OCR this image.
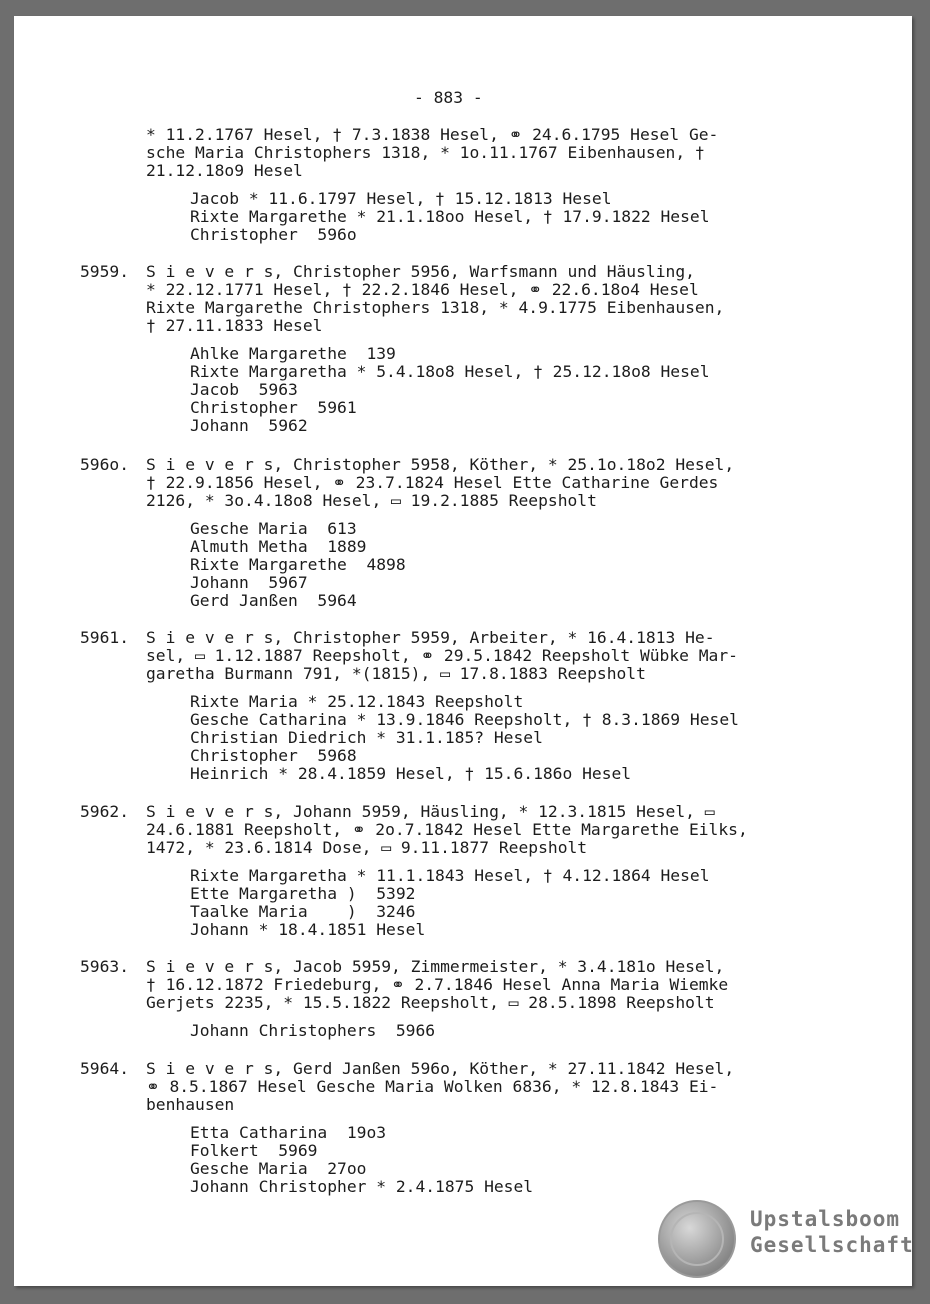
- 883 -
* 11.2.1767 Hesel, † 7.3.1838 Hesel, ⚭ 24.6.1795 Hesel Ge-
sche Maria Christophers 1318, * 1o.11.1767 Eibenhausen, †
21.12.18o9 Hesel
Jacob * 11.6.1797 Hesel, † 15.12.1813 Hesel
Rixte Margarethe * 21.1.18oo Hesel, † 17.9.1822 Hesel
Christopher  596o
5959. S i e v e r s, Christopher 5956, Warfsmann und Häusling,
* 22.12.1771 Hesel, † 22.2.1846 Hesel, ⚭ 22.6.18o4 Hesel
Rixte Margarethe Christophers 1318, * 4.9.1775 Eibenhausen,
† 27.11.1833 Hesel
Ahlke Margarethe  139
Rixte Margaretha * 5.4.18o8 Hesel, † 25.12.18o8 Hesel
Jacob  5963
Christopher  5961
Johann  5962
596o. S i e v e r s, Christopher 5958, Köther, * 25.1o.18o2 Hesel,
† 22.9.1856 Hesel, ⚭ 23.7.1824 Hesel Ette Catharine Gerdes
2126, * 3o.4.18o8 Hesel, ▭ 19.2.1885 Reepsholt
Gesche Maria  613
Almuth Metha  1889
Rixte Margarethe  4898
Johann  5967
Gerd Janßen  5964
5961. S i e v e r s, Christopher 5959, Arbeiter, * 16.4.1813 He-
sel, ▭ 1.12.1887 Reepsholt, ⚭ 29.5.1842 Reepsholt Wübke Mar-
garetha Burmann 791, *(1815), ▭ 17.8.1883 Reepsholt
Rixte Maria * 25.12.1843 Reepsholt
Gesche Catharina * 13.9.1846 Reepsholt, † 8.3.1869 Hesel
Christian Diedrich * 31.1.185? Hesel
Christopher  5968
Heinrich * 28.4.1859 Hesel, † 15.6.186o Hesel
5962. S i e v e r s, Johann 5959, Häusling, * 12.3.1815 Hesel, ▭
24.6.1881 Reepsholt, ⚭ 2o.7.1842 Hesel Ette Margarethe Eilks,
1472, * 23.6.1814 Dose, ▭ 9.11.1877 Reepsholt
Rixte Margaretha * 11.1.1843 Hesel, † 4.12.1864 Hesel
Ette Margaretha )  5392
Taalke Maria    )  3246
Johann * 18.4.1851 Hesel
5963. S i e v e r s, Jacob 5959, Zimmermeister, * 3.4.181o Hesel,
† 16.12.1872 Friedeburg, ⚭ 2.7.1846 Hesel Anna Maria Wiemke
Gerjets 2235, * 15.5.1822 Reepsholt, ▭ 28.5.1898 Reepsholt
Johann Christophers  5966
5964. S i e v e r s, Gerd Janßen 596o, Köther, * 27.11.1842 Hesel,
⚭ 8.5.1867 Hesel Gesche Maria Wolken 6836, * 12.8.1843 Ei-
benhausen
Etta Catharina  19o3
Folkert  5969
Gesche Maria  27oo
Johann Christopher * 2.4.1875 Hesel
Upstalsboom
Gesellschaft
